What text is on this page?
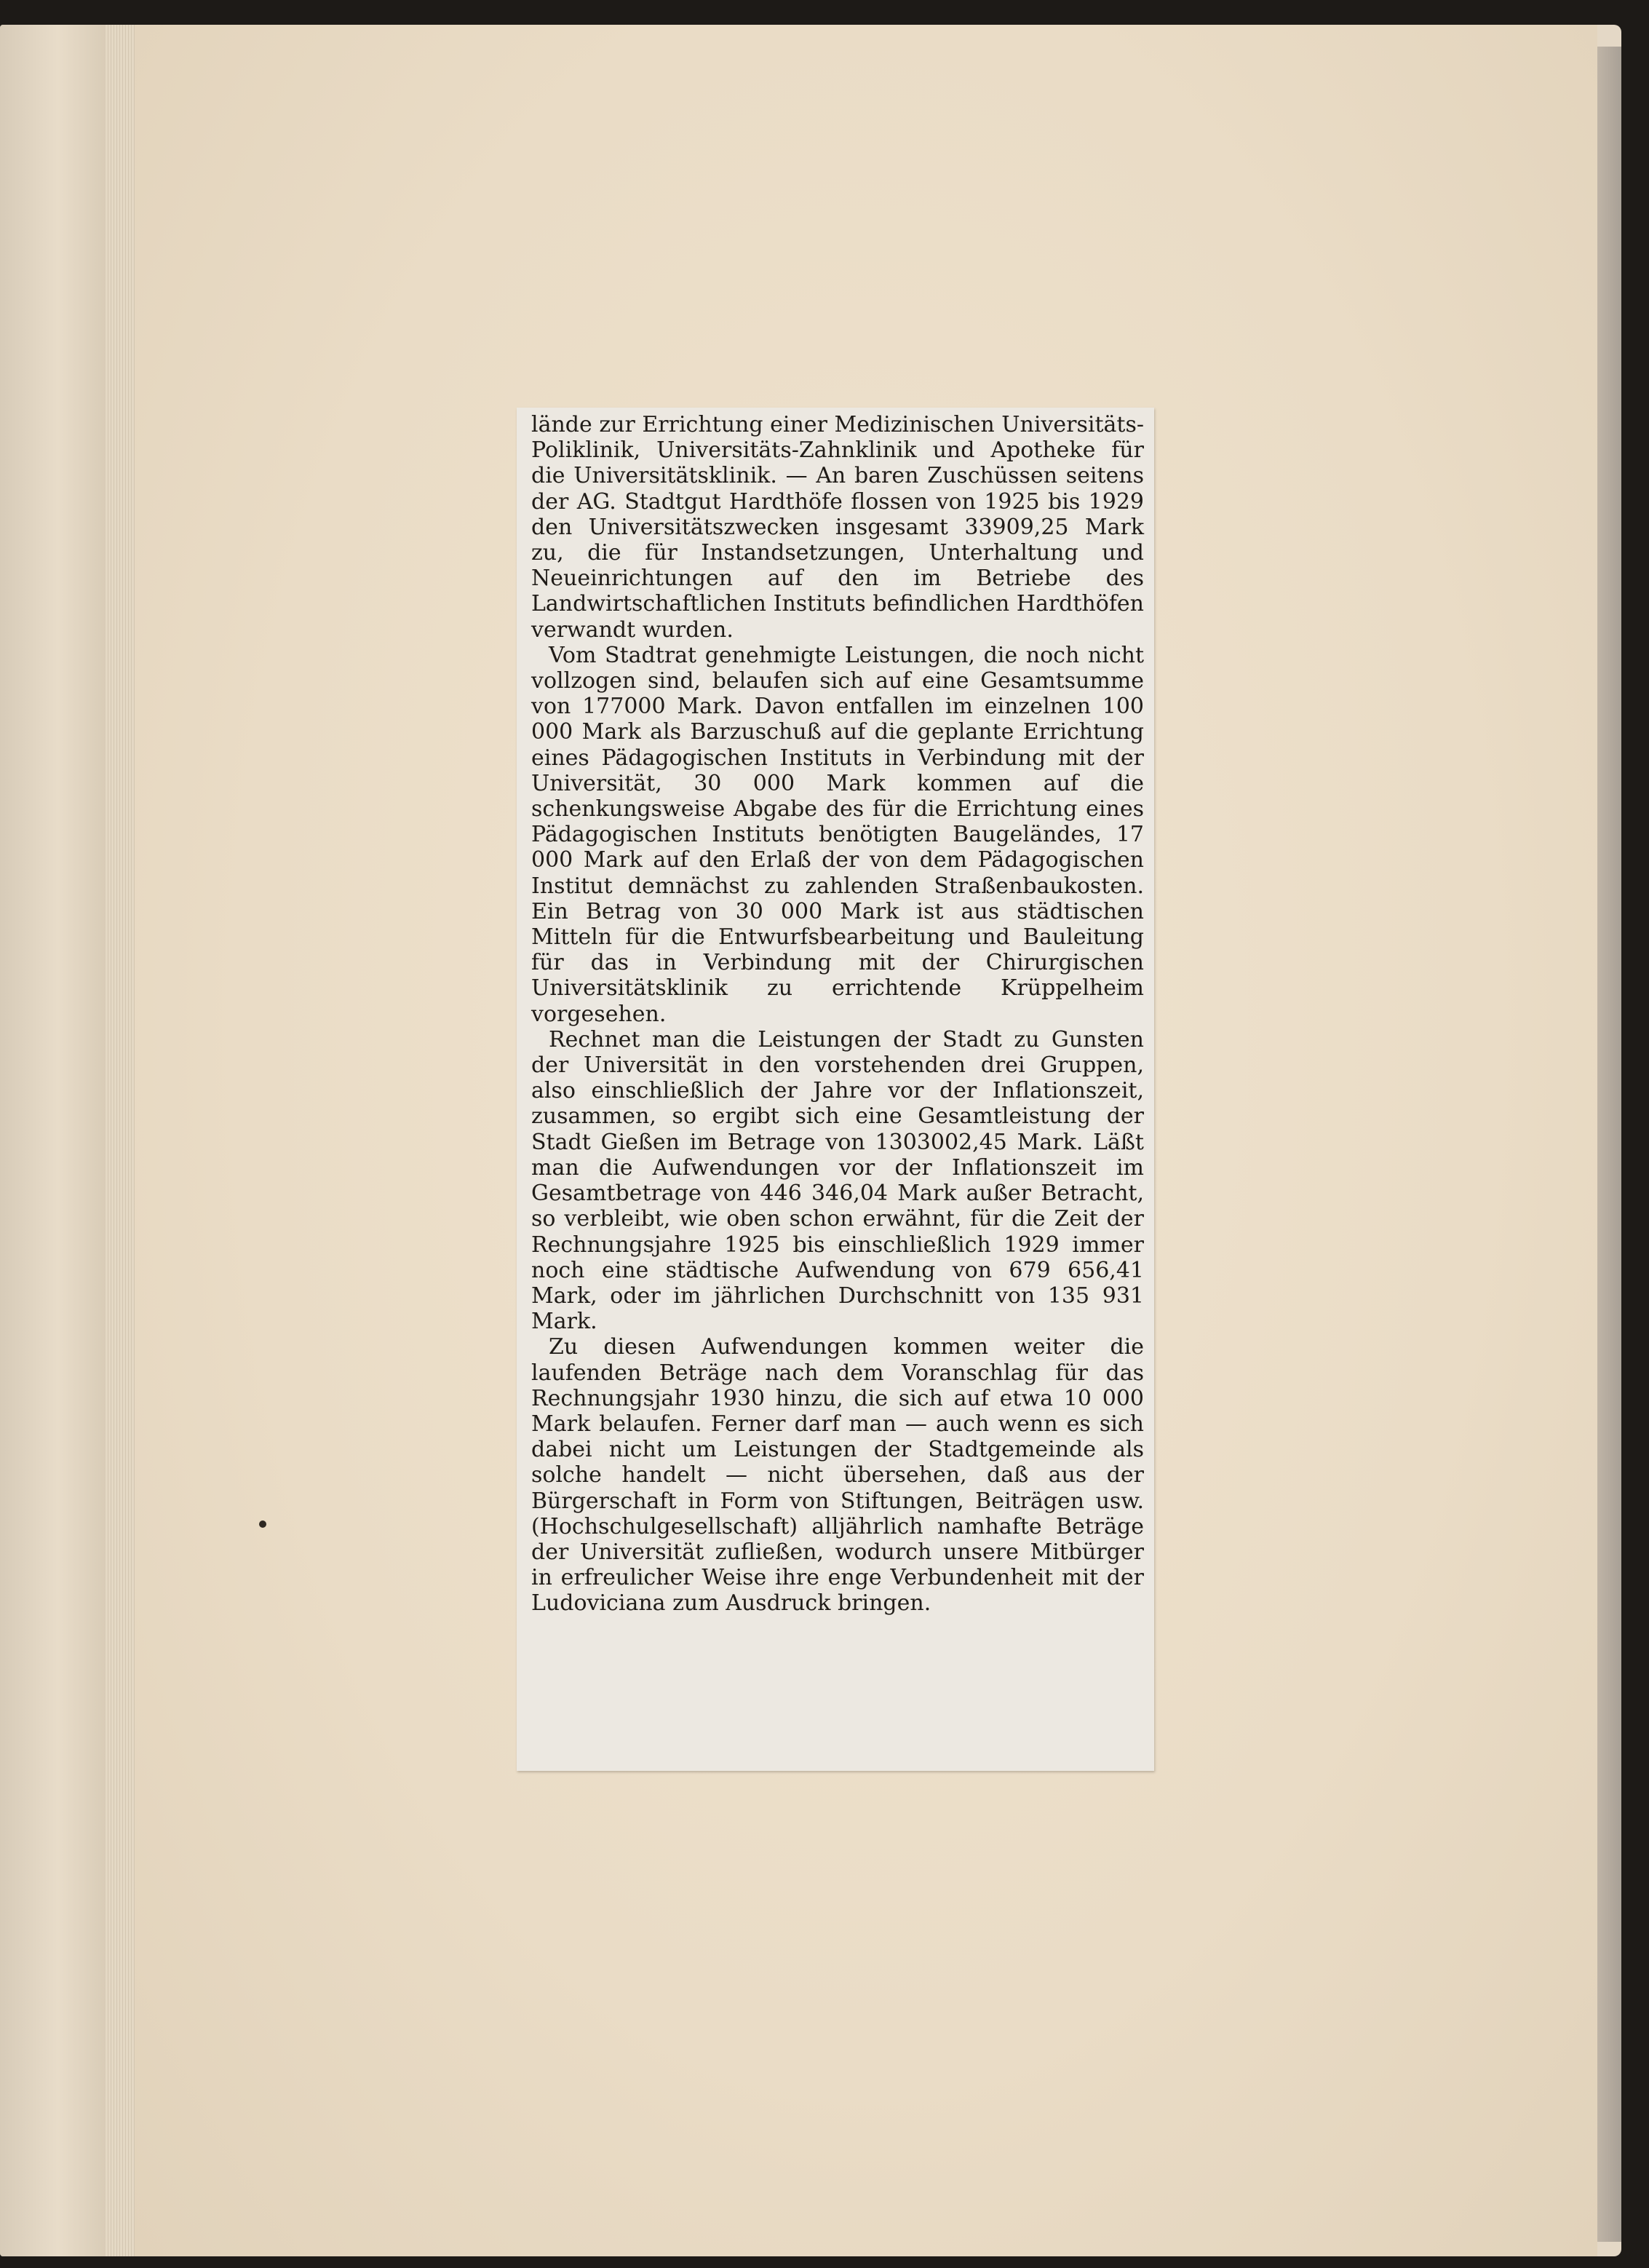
lände zur Errichtung einer Medizinischen Universitäts-Poliklinik, Universitäts-Zahnklinik und Apotheke für die Universitätsklinik. — An baren Zuschüssen seitens der AG. Stadtgut Hardthöfe flossen von 1925 bis 1929 den Universitätszwecken insgesamt 33909,25 Mark zu, die für Instandsetzungen, Unterhaltung und Neueinrichtungen auf den im Betriebe des Landwirtschaftlichen Instituts befindlichen Hardthöfen verwandt wurden.

Vom Stadtrat genehmigte Leistungen, die noch nicht vollzogen sind, belaufen sich auf eine Gesamtsumme von 177000 Mark. Davon entfallen im einzelnen 100 000 Mark als Barzuschuß auf die geplante Errichtung eines Pädagogischen Instituts in Verbindung mit der Universität, 30 000 Mark kommen auf die schenkungsweise Abgabe des für die Errichtung eines Pädagogischen Instituts benötigten Baugeländes, 17 000 Mark auf den Erlaß der von dem Pädagogischen Institut demnächst zu zahlenden Straßenbaukosten. Ein Betrag von 30 000 Mark ist aus städtischen Mitteln für die Entwurfsbearbeitung und Bauleitung für das in Verbindung mit der Chirurgischen Universitätsklinik zu errichtende Krüppelheim vorgesehen.

Rechnet man die Leistungen der Stadt zu Gunsten der Universität in den vorstehenden drei Gruppen, also einschließlich der Jahre vor der Inflationszeit, zusammen, so ergibt sich eine Gesamtleistung der Stadt Gießen im Betrage von 1303002,45 Mark. Läßt man die Aufwendungen vor der Inflationszeit im Gesamtbetrage von 446 346,04 Mark außer Betracht, so verbleibt, wie oben schon erwähnt, für die Zeit der Rechnungsjahre 1925 bis einschließlich 1929 immer noch eine städtische Aufwendung von 679 656,41 Mark, oder im jährlichen Durchschnitt von 135 931 Mark.

Zu diesen Aufwendungen kommen weiter die laufenden Beträge nach dem Voranschlag für das Rechnungsjahr 1930 hinzu, die sich auf etwa 10 000 Mark belaufen. Ferner darf man — auch wenn es sich dabei nicht um Leistungen der Stadtgemeinde als solche handelt — nicht übersehen, daß aus der Bürgerschaft in Form von Stiftungen, Beiträgen usw. (Hochschulgesellschaft) alljährlich namhafte Beträge der Universität zufließen, wodurch unsere Mitbürger in erfreulicher Weise ihre enge Verbundenheit mit der Ludoviciana zum Ausdruck bringen.
